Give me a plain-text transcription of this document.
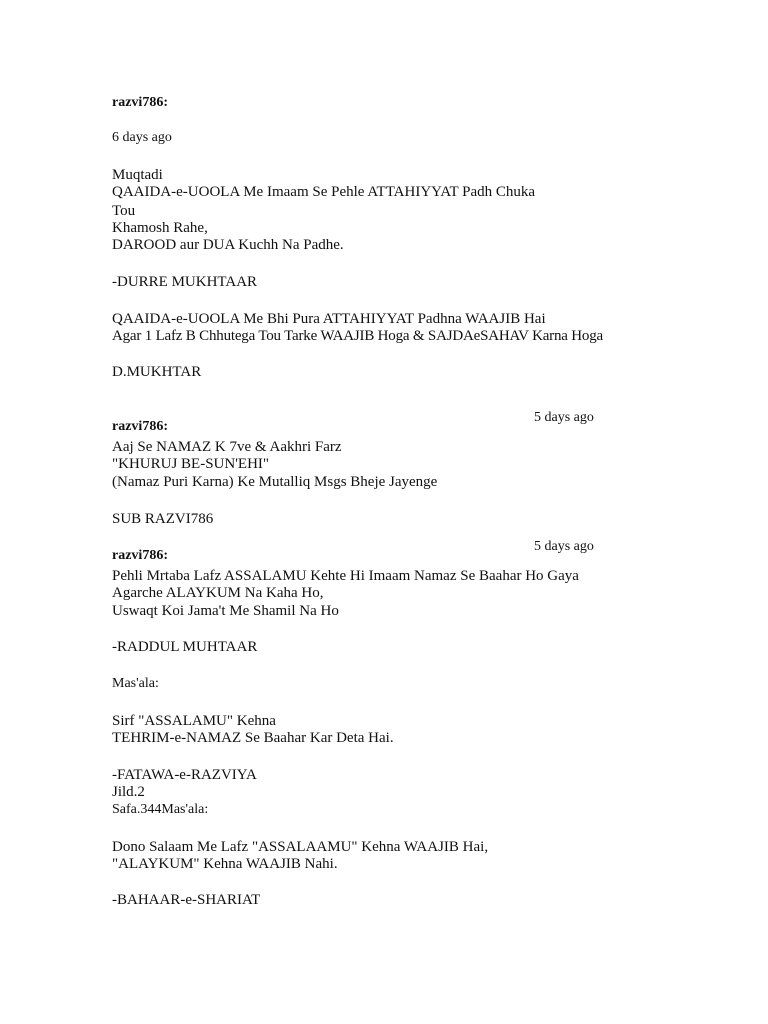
razvi786:
6 days ago
Muqtadi
QAAIDA-e-UOOLA Me Imaam Se Pehle ATTAHIYYAT Padh Chuka
Tou
Khamosh Rahe,
DAROOD aur DUA Kuchh Na Padhe.
-DURRE MUKHTAAR
QAAIDA-e-UOOLA Me Bhi Pura ATTAHIYYAT Padhna WAAJIB Hai
Agar 1 Lafz B Chhutega Tou Tarke WAAJIB Hoga & SAJDAeSAHAV Karna Hoga
D.MUKHTAR
5 days ago
razvi786:
Aaj Se NAMAZ K 7ve & Aakhri Farz
"KHURUJ BE-SUN'EHI"
(Namaz Puri Karna) Ke Mutalliq Msgs Bheje Jayenge
SUB RAZVI786
5 days ago
razvi786:
Pehli Mrtaba Lafz ASSALAMU Kehte Hi Imaam Namaz Se Baahar Ho Gaya
Agarche ALAYKUM Na Kaha Ho,
Uswaqt Koi Jama't Me Shamil Na Ho
-RADDUL MUHTAAR
Mas'ala:
Sirf "ASSALAMU" Kehna
TEHRIM-e-NAMAZ Se Baahar Kar Deta Hai.
-FATAWA-e-RAZVIYA
Jild.2
Safa.344Mas'ala:
Dono Salaam Me Lafz "ASSALAAMU" Kehna WAAJIB Hai,
"ALAYKUM" Kehna WAAJIB Nahi.
-BAHAAR-e-SHARIAT
